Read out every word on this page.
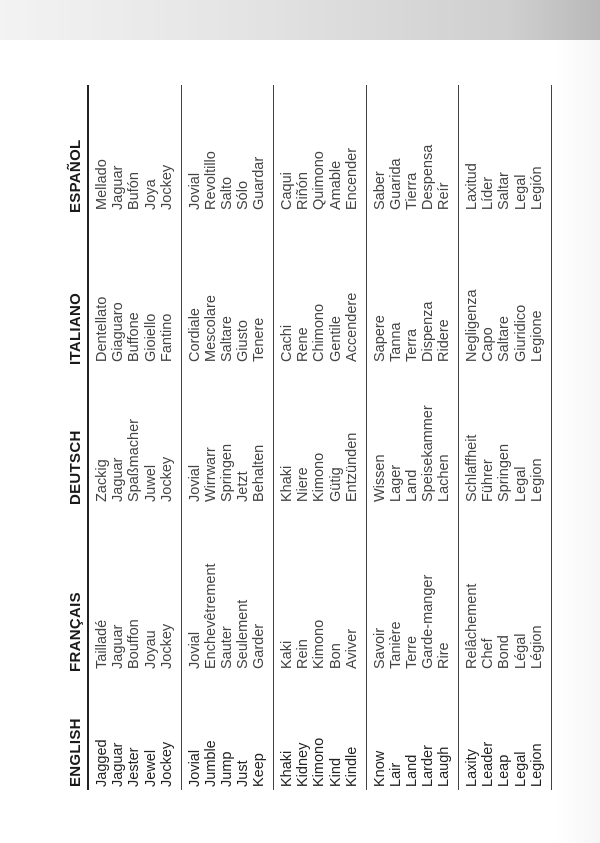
ENGLISH Jagged Jaguar Jester Jewel Jockey Jovial Jumble Jump Just Keep Khaki Kidney Kimono Kind Kindle Know Lair Land Larder Laugh Laxity Leader Leap Legal Legion
FRANÇAIS Tailladé Jaguar Bouffon Joyau Jockey Jovial Enchevêtrement Sauter Seulement Garder Kaki Rein Kimono Bon Aviver Savoir Tanière Terre Garde-manger Rire Relâchement Chef Bond Légal Légion
DEUTSCH Zackig Jaguar Spaßmacher Juwel Jockey Jovial Wirrwarr Springen Jetzt Behalten Khaki Niere Kimono Gütig Entzünden Wissen Lager Land Speisekammer Lachen Schlaffheit Führer Springen Legal Legion
ITALIANO Dentellato Giaguaro Buffone Gioiello Fantino Cordiale Mescolare Saltare Giusto Tenere Cachi Rene Chimono Gentile Accendere Sapere Tanna Terra Dispenza Ridere Negligenza Capo Saltare Giuridico Legione
ESPAÑOL Mellado Jaguar Bufón Joya Jockey Jovial Revoltillo Salto Sólo Guardar Caqui Riñón Quimono Amable Encender Saber Guarida Tierra Despensa Reír Laxitud Líder Saltar Legal Legión
